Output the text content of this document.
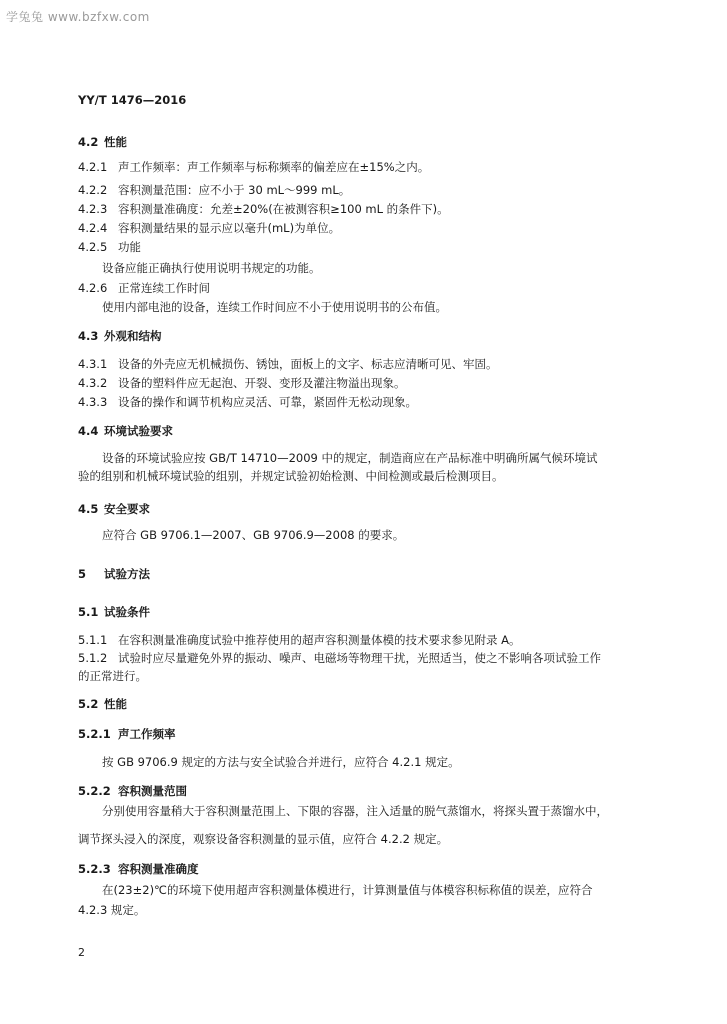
学兔兔 www.bzfxw.com
YY/T 1476—2016
4.2 性能
4.2.1 声工作频率：声工作频率与标称频率的偏差应在±15%之内。
4.2.2 容积测量范围：应不小于 30 mL～999 mL。
4.2.3 容积测量准确度：允差±20%(在被测容积≥100 mL 的条件下)。
4.2.4 容积测量结果的显示应以毫升(mL)为单位。
4.2.5 功能
设备应能正确执行使用说明书规定的功能。
4.2.6 正常连续工作时间
使用内部电池的设备，连续工作时间应不小于使用说明书的公布值。
4.3 外观和结构
4.3.1 设备的外壳应无机械损伤、锈蚀，面板上的文字、标志应清晰可见、牢固。
4.3.2 设备的塑料件应无起泡、开裂、变形及灌注物溢出现象。
4.3.3 设备的操作和调节机构应灵活、可靠，紧固件无松动现象。
4.4 环境试验要求
设备的环境试验应按 GB/T 14710—2009 中的规定，制造商应在产品标准中明确所属气候环境试
验的组别和机械环境试验的组别，并规定试验初始检测、中间检测或最后检测项目。
4.5 安全要求
应符合 GB 9706.1—2007、GB 9706.9—2008 的要求。
5 试验方法
5.1 试验条件
5.1.1 在容积测量准确度试验中推荐使用的超声容积测量体模的技术要求参见附录 A。
5.1.2 试验时应尽量避免外界的振动、噪声、电磁场等物理干扰，光照适当，使之不影响各项试验工作
的正常进行。
5.2 性能
5.2.1 声工作频率
按 GB 9706.9 规定的方法与安全试验合并进行，应符合 4.2.1 规定。
5.2.2 容积测量范围
分别使用容量稍大于容积测量范围上、下限的容器，注入适量的脱气蒸馏水，将探头置于蒸馏水中，
调节探头浸入的深度，观察设备容积测量的显示值，应符合 4.2.2 规定。
5.2.3 容积测量准确度
在(23±2)℃的环境下使用超声容积测量体模进行，计算测量值与体模容积标称值的误差，应符合
4.2.3 规定。
2
